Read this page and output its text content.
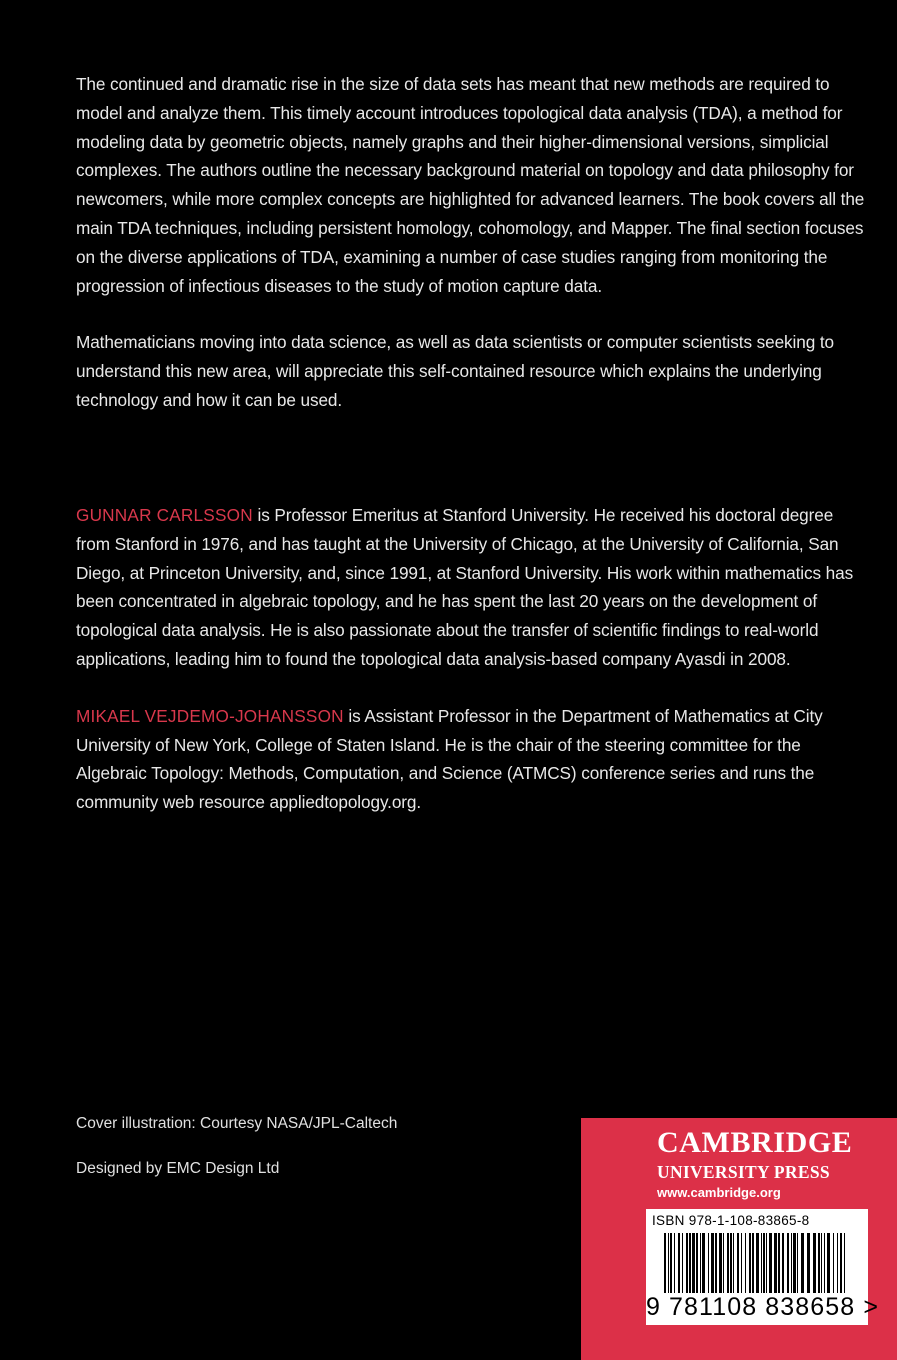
The continued and dramatic rise in the size of data sets has meant that new methods are required to model and analyze them. This timely account introduces topological data analysis (TDA), a method for modeling data by geometric objects, namely graphs and their higher-dimensional versions, simplicial complexes. The authors outline the necessary background material on topology and data philosophy for newcomers, while more complex concepts are highlighted for advanced learners. The book covers all the main TDA techniques, including persistent homology, cohomology, and Mapper. The final section focuses on the diverse applications of TDA, examining a number of case studies ranging from monitoring the progression of infectious diseases to the study of motion capture data.

Mathematicians moving into data science, as well as data scientists or computer scientists seeking to understand this new area, will appreciate this self-contained resource which explains the underlying technology and how it can be used.

GUNNAR CARLSSON is Professor Emeritus at Stanford University. He received his doctoral degree from Stanford in 1976, and has taught at the University of Chicago, at the University of California, San Diego, at Princeton University, and, since 1991, at Stanford University. His work within mathematics has been concentrated in algebraic topology, and he has spent the last 20 years on the development of topological data analysis. He is also passionate about the transfer of scientific findings to real-world applications, leading him to found the topological data analysis-based company Ayasdi in 2008.

MIKAEL VEJDEMO-JOHANSSON is Assistant Professor in the Department of Mathematics at City University of New York, College of Staten Island. He is the chair of the steering committee for the Algebraic Topology: Methods, Computation, and Science (ATMCS) conference series and runs the community web resource appliedtopology.org.

Cover illustration: Courtesy NASA/JPL-Caltech
Designed by EMC Design Ltd
CAMBRIDGE
UNIVERSITY PRESS
www.cambridge.org
ISBN 978-1-108-83865-8
9 781108 838658 >
